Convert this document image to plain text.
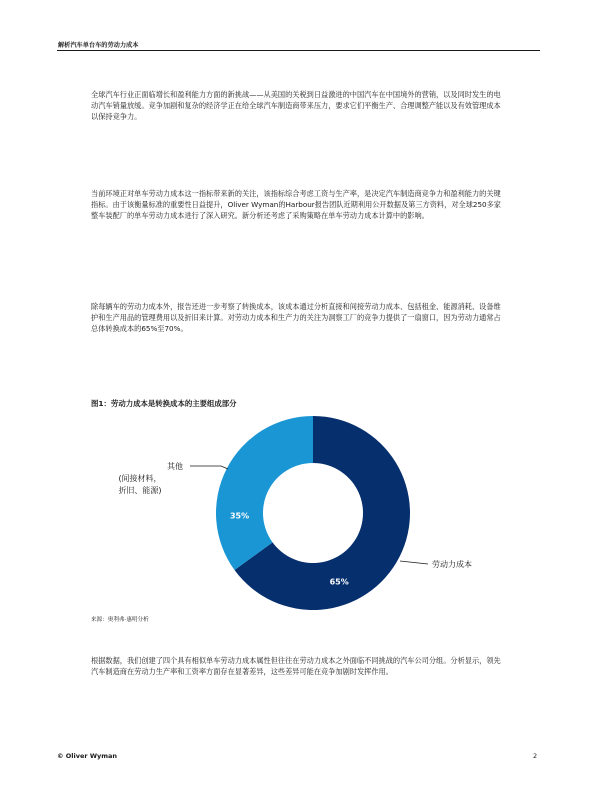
解析汽车单台车的劳动力成本

全球汽车行业正面临增长和盈利能力方面的新挑战——从美国的关税到日益激进的中国汽车在中国境外的营销，以及同时发生的电动汽车销量放缓。竞争加剧和复杂的经济学正在给全球汽车制造商带来压力，要求它们平衡生产、合理调整产能以及有效管理成本以保持竞争力。

当前环境正对单车劳动力成本这一指标带来新的关注，该指标综合考虑工资与生产率，是决定汽车制造商竞争力和盈利能力的关键指标。由于该衡量标准的重要性日益提升，Oliver Wyman的Harbour报告团队近期利用公开数据及第三方资料，对全球250多家整车装配厂的单车劳动力成本进行了深入研究。新分析还考虑了采购策略在单车劳动力成本计算中的影响。

除每辆车的劳动力成本外，报告还进一步考察了转换成本，该成本通过分析直接和间接劳动力成本、包括租金、能源消耗、设备维护和生产用品的管理费用以及折旧来计算。对劳动力成本和生产力的关注为洞察工厂的竞争力提供了一扇窗口，因为劳动力通常占总体转换成本的65%至70%。

图1：劳动力成本是转换成本的主要组成部分
65%
35%
劳动力成本
其他
(间接材料，
折旧、能源)
来源：奥利弗·惠明分析

根据数据，我们创建了四个具有相似单车劳动力成本属性但往往在劳动力成本之外面临不同挑战的汽车公司分组。分析显示，领先汽车制造商在劳动力生产率和工资率方面存在显著差异，这些差异可能在竞争加剧时发挥作用。

© Oliver Wyman	2
